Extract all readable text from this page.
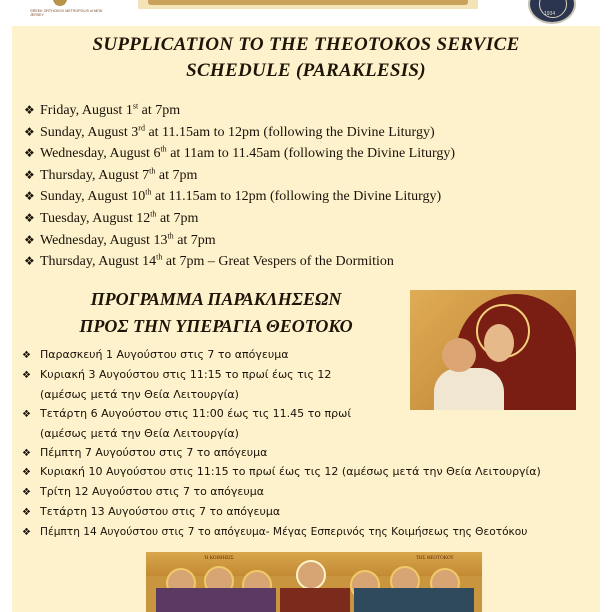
GREEK ORTHODOX METROPOLIS of NEW JERSEY	1934
SUPPLICATION TO THE THEOTOKOS SERVICE
SCHEDULE (PARAKLESIS)
❖ Friday, August 1st at 7pm
❖ Sunday, August 3rd at 11.15am to 12pm (following the Divine Liturgy)
❖ Wednesday, August 6th at 11am to 11.45am (following the Divine Liturgy)
❖ Thursday, August 7th at 7pm
❖ Sunday, August 10th at 11.15am to 12pm (following the Divine Liturgy)
❖ Tuesday, August 12th at 7pm
❖ Wednesday, August 13th at 7pm
❖ Thursday, August 14th at 7pm – Great Vespers of the Dormition
ΠΡΟΓΡΑΜΜΑ ΠΑΡΑΚΛΗΣΕΩΝ
ΠΡΟΣ ΤΗΝ ΥΠΕΡΑΓΙΑ ΘΕΟΤΟΚΟ
❖ Παρασκευή 1 Αυγούστου στις 7 το απόγευμα
❖ Κυριακή 3 Αυγούστου στις 11:15 το πρωί έως τις 12
(αμέσως μετά την Θεία Λειτουργία)
❖ Τετάρτη 6 Αυγούστου στις 11:00 έως τις 11.45 το πρωί
(αμέσως μετά την Θεία Λειτουργία)
❖ Πέμπτη 7 Αυγούστου στις 7 το απόγευμα
❖ Κυριακή 10 Αυγούστου στις 11:15 το πρωί έως τις 12 (αμέσως μετά την Θεία Λειτουργία)
❖ Τρίτη 12 Αυγούστου στις 7 το απόγευμα
❖ Τετάρτη 13 Αυγούστου στις 7 το απόγευμα
❖ Πέμπτη 14 Αυγούστου στις 7 το απόγευμα- Μέγας Εσπερινός της Κοιμήσεως της Θεοτόκου
Ἡ ΚΟΙΜΗΣΙΣ	ΤΗΣ ΘΕΟΤΟΚΟΥ
